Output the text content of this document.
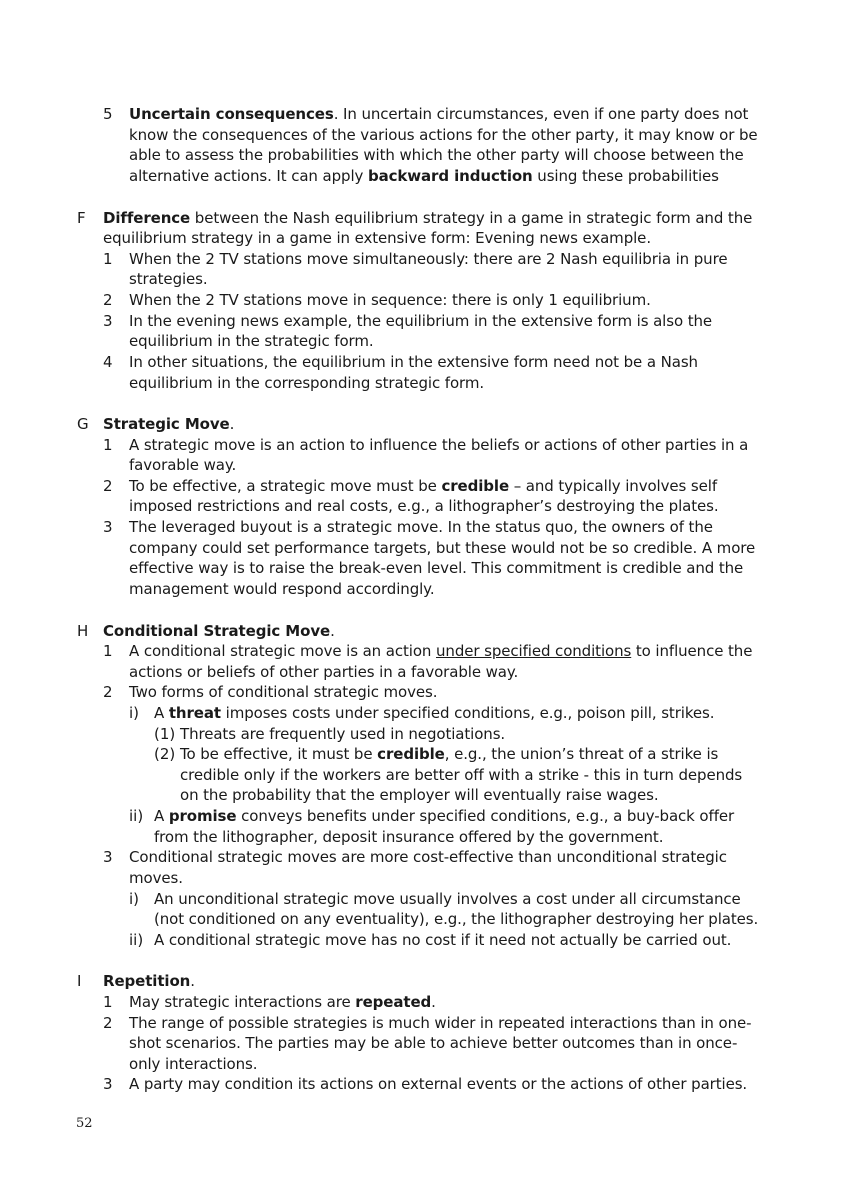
5 Uncertain consequences. In uncertain circumstances, even if one party does not
know the consequences of the various actions for the other party, it may know or be
able to assess the probabilities with which the other party will choose between the
alternative actions. It can apply backward induction using these probabilities
F Difference between the Nash equilibrium strategy in a game in strategic form and the
equilibrium strategy in a game in extensive form: Evening news example.
1 When the 2 TV stations move simultaneously: there are 2 Nash equilibria in pure
strategies.
2 When the 2 TV stations move in sequence: there is only 1 equilibrium.
3 In the evening news example, the equilibrium in the extensive form is also the
equilibrium in the strategic form.
4 In other situations, the equilibrium in the extensive form need not be a Nash
equilibrium in the corresponding strategic form.
G Strategic Move.
1 A strategic move is an action to influence the beliefs or actions of other parties in a
favorable way.
2 To be effective, a strategic move must be credible – and typically involves self
imposed restrictions and real costs, e.g., a lithographer’s destroying the plates.
3 The leveraged buyout is a strategic move. In the status quo, the owners of the
company could set performance targets, but these would not be so credible. A more
effective way is to raise the break-even level. This commitment is credible and the
management would respond accordingly.
H Conditional Strategic Move.
1 A conditional strategic move is an action under specified conditions to influence the
actions or beliefs of other parties in a favorable way.
2 Two forms of conditional strategic moves.
i) A threat imposes costs under specified conditions, e.g., poison pill, strikes.
(1) Threats are frequently used in negotiations.
(2) To be effective, it must be credible, e.g., the union’s threat of a strike is
credible only if the workers are better off with a strike - this in turn depends
on the probability that the employer will eventually raise wages.
ii) A promise conveys benefits under specified conditions, e.g., a buy-back offer
from the lithographer, deposit insurance offered by the government.
3 Conditional strategic moves are more cost-effective than unconditional strategic
moves.
i) An unconditional strategic move usually involves a cost under all circumstance
(not conditioned on any eventuality), e.g., the lithographer destroying her plates.
ii) A conditional strategic move has no cost if it need not actually be carried out.
I Repetition.
1 May strategic interactions are repeated.
2 The range of possible strategies is much wider in repeated interactions than in one-
shot scenarios. The parties may be able to achieve better outcomes than in once-
only interactions.
3 A party may condition its actions on external events or the actions of other parties.
52
